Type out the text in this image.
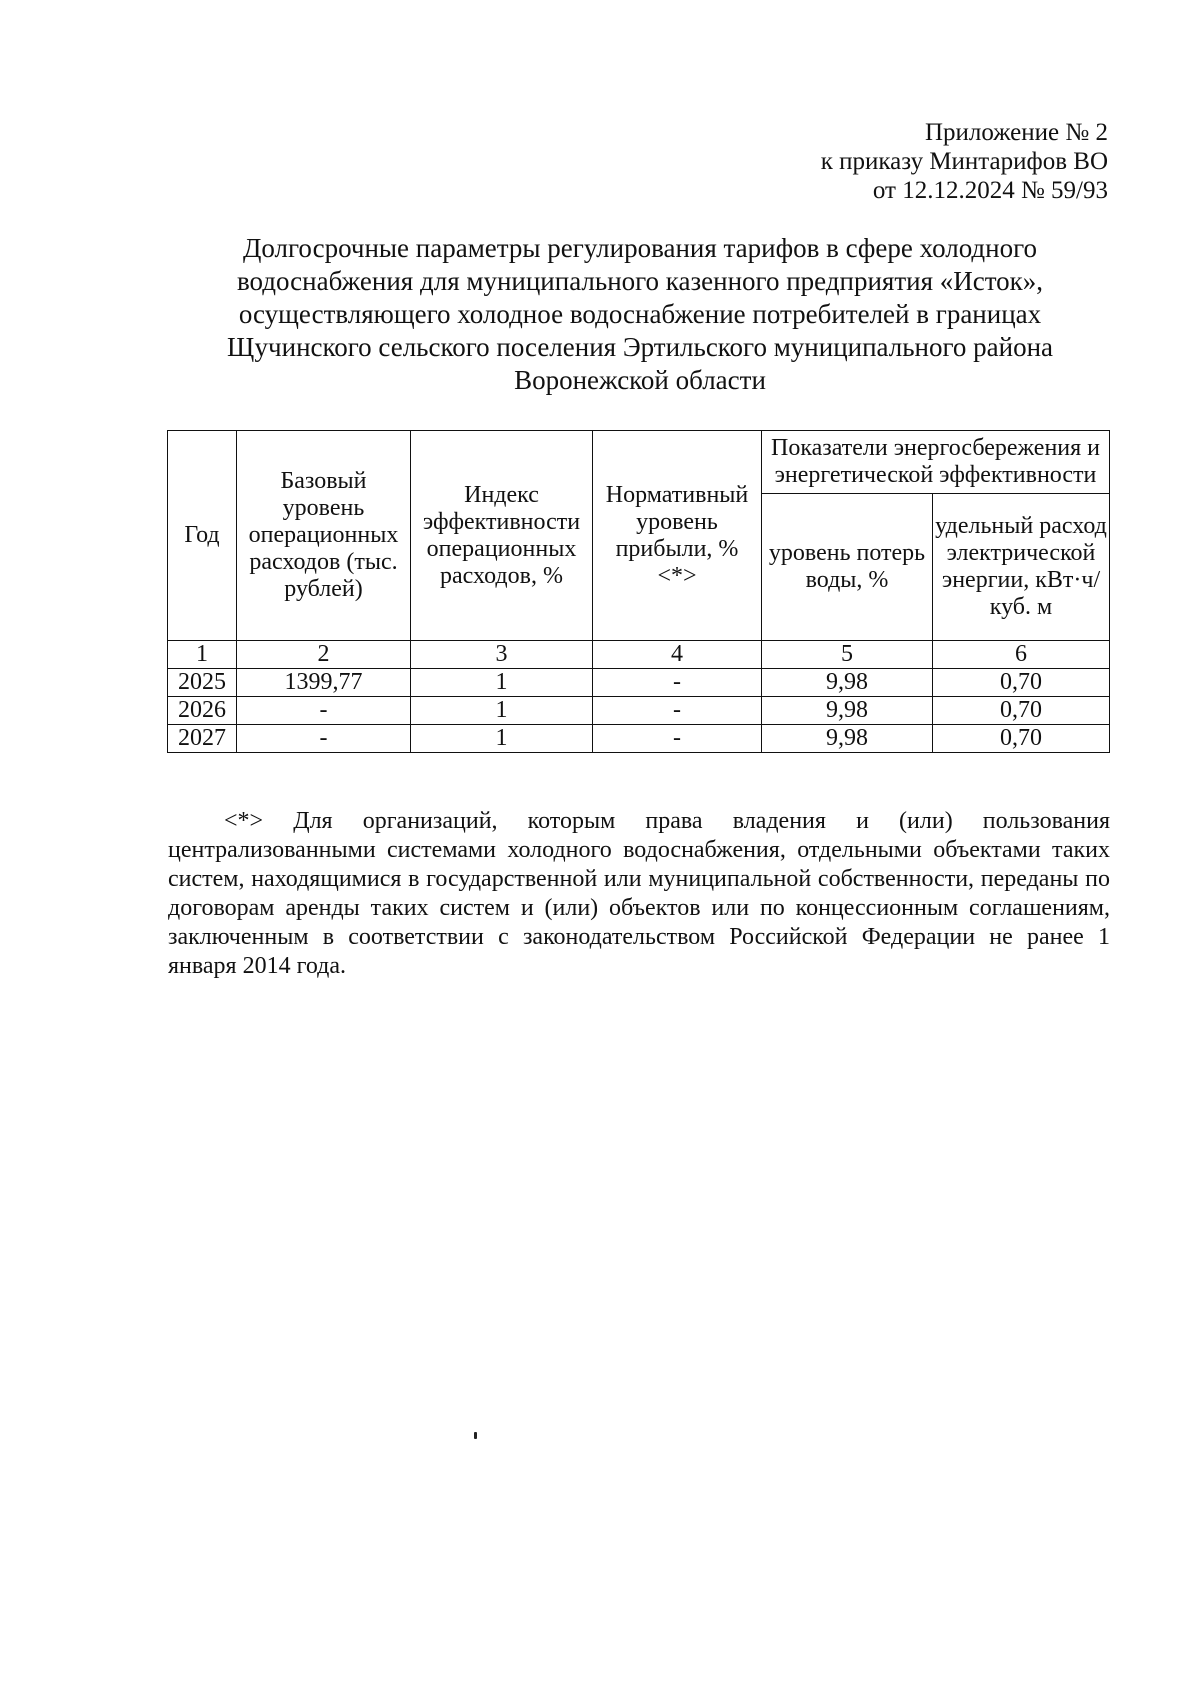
Приложение № 2
к приказу Минтарифов ВО
от 12.12.2024 № 59/93
Долгосрочные параметры регулирования тарифов в сфере холодного
водоснабжения для муниципального казенного предприятия «Исток»,
осуществляющего холодное водоснабжение потребителей в границах
Щучинского сельского поселения Эртильского муниципального района
Воронежской области
Год	Базовый уровень операционных расходов (тыс. рублей)	Индекс эффективности операционных расходов, %	Нормативный уровень прибыли, % <*>	Показатели энергосбережения и энергетической эффективности	
				уровень потерь воды, %	удельный расход электрической энергии, кВт·ч/куб. м
1	2	3	4	5	6
2025	1399,77	1	-	9,98	0,70
2026	-	1	-	9,98	0,70
2027	-	1	-	9,98	0,70

<*> Для организаций, которым права владения и (или) пользования централизованными системами холодного водоснабжения, отдельными объектами таких систем, находящимися в государственной или муниципальной собственности, переданы по договорам аренды таких систем и (или) объектов или по концессионным соглашениям, заключенным в соответствии с законодательством Российской Федерации не ранее 1 января 2014 года.
